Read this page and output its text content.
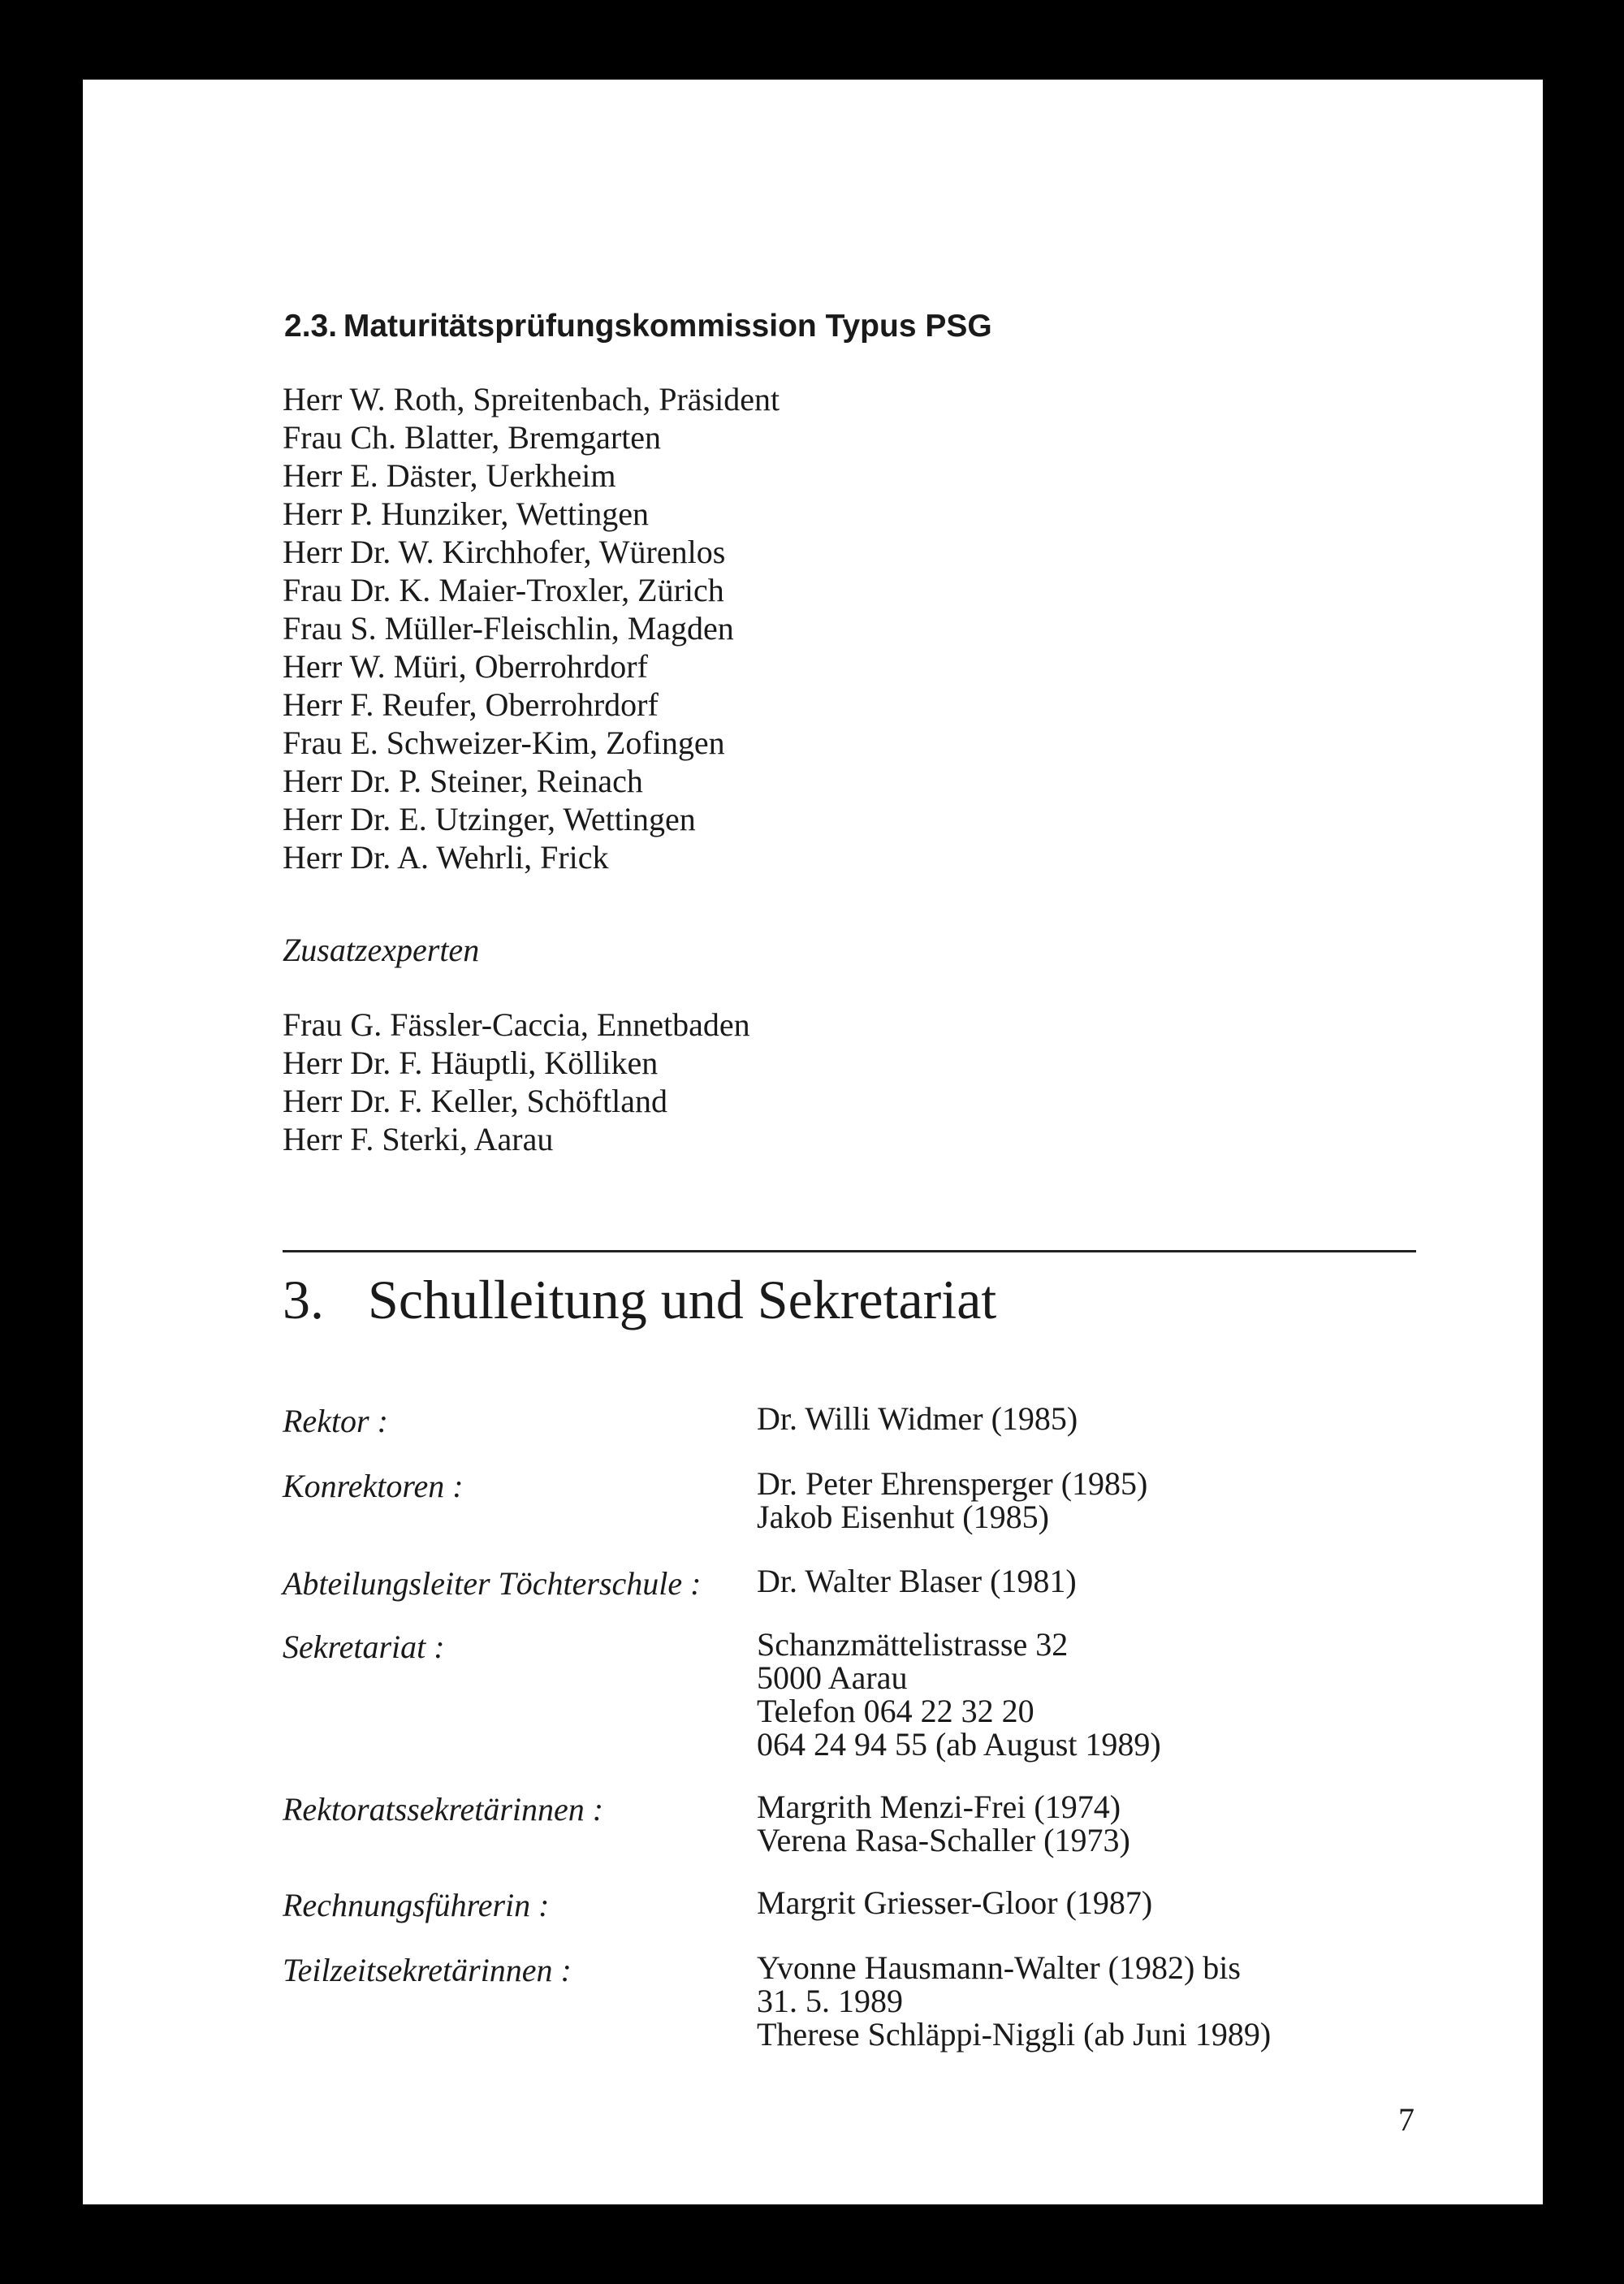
2.3. Maturitätsprüfungskommission Typus PSG
Herr W. Roth, Spreitenbach, Präsident
Frau Ch. Blatter, Bremgarten
Herr E. Däster, Uerkheim
Herr P. Hunziker, Wettingen
Herr Dr. W. Kirchhofer, Würenlos
Frau Dr. K. Maier-Troxler, Zürich
Frau S. Müller-Fleischlin, Magden
Herr W. Müri, Oberrohrdorf
Herr F. Reufer, Oberrohrdorf
Frau E. Schweizer-Kim, Zofingen
Herr Dr. P. Steiner, Reinach
Herr Dr. E. Utzinger, Wettingen
Herr Dr. A. Wehrli, Frick
Zusatzexperten
Frau G. Fässler-Caccia, Ennetbaden
Herr Dr. F. Häuptli, Kölliken
Herr Dr. F. Keller, Schöftland
Herr F. Sterki, Aarau
3. Schulleitung und Sekretariat
Rektor :	Dr. Willi Widmer (1985)
Konrektoren :	Dr. Peter Ehrensperger (1985)
Jakob Eisenhut (1985)
Abteilungsleiter Töchterschule : Dr. Walter Blaser (1981)
Sekretariat :	Schanzmättelistrasse 32
5000 Aarau
Telefon 064 22 32 20
064 24 94 55 (ab August 1989)
Rektoratssekretärinnen :	Margrith Menzi-Frei (1974)
Verena Rasa-Schaller (1973)
Rechnungsführerin :	Margrit Griesser-Gloor (1987)
Teilzeitsekretärinnen :	Yvonne Hausmann-Walter (1982) bis
31. 5. 1989
Therese Schläppi-Niggli (ab Juni 1989)
7
